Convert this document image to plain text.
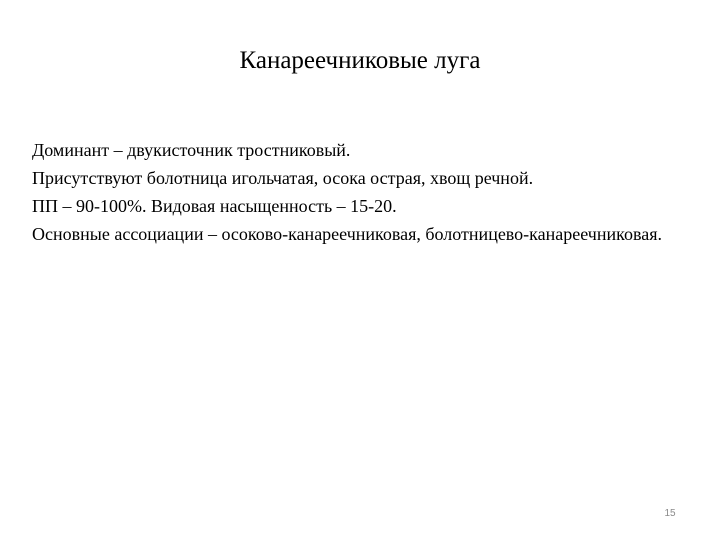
Канареечниковые луга

Доминант – двукисточник тростниковый.

Присутствуют болотница игольчатая, осока острая, хвощ речной.

ПП – 90-100%. Видовая насыщенность – 15-20.

Основные ассоциации – осоково-канареечниковая, болотницево-канареечниковая.

15
